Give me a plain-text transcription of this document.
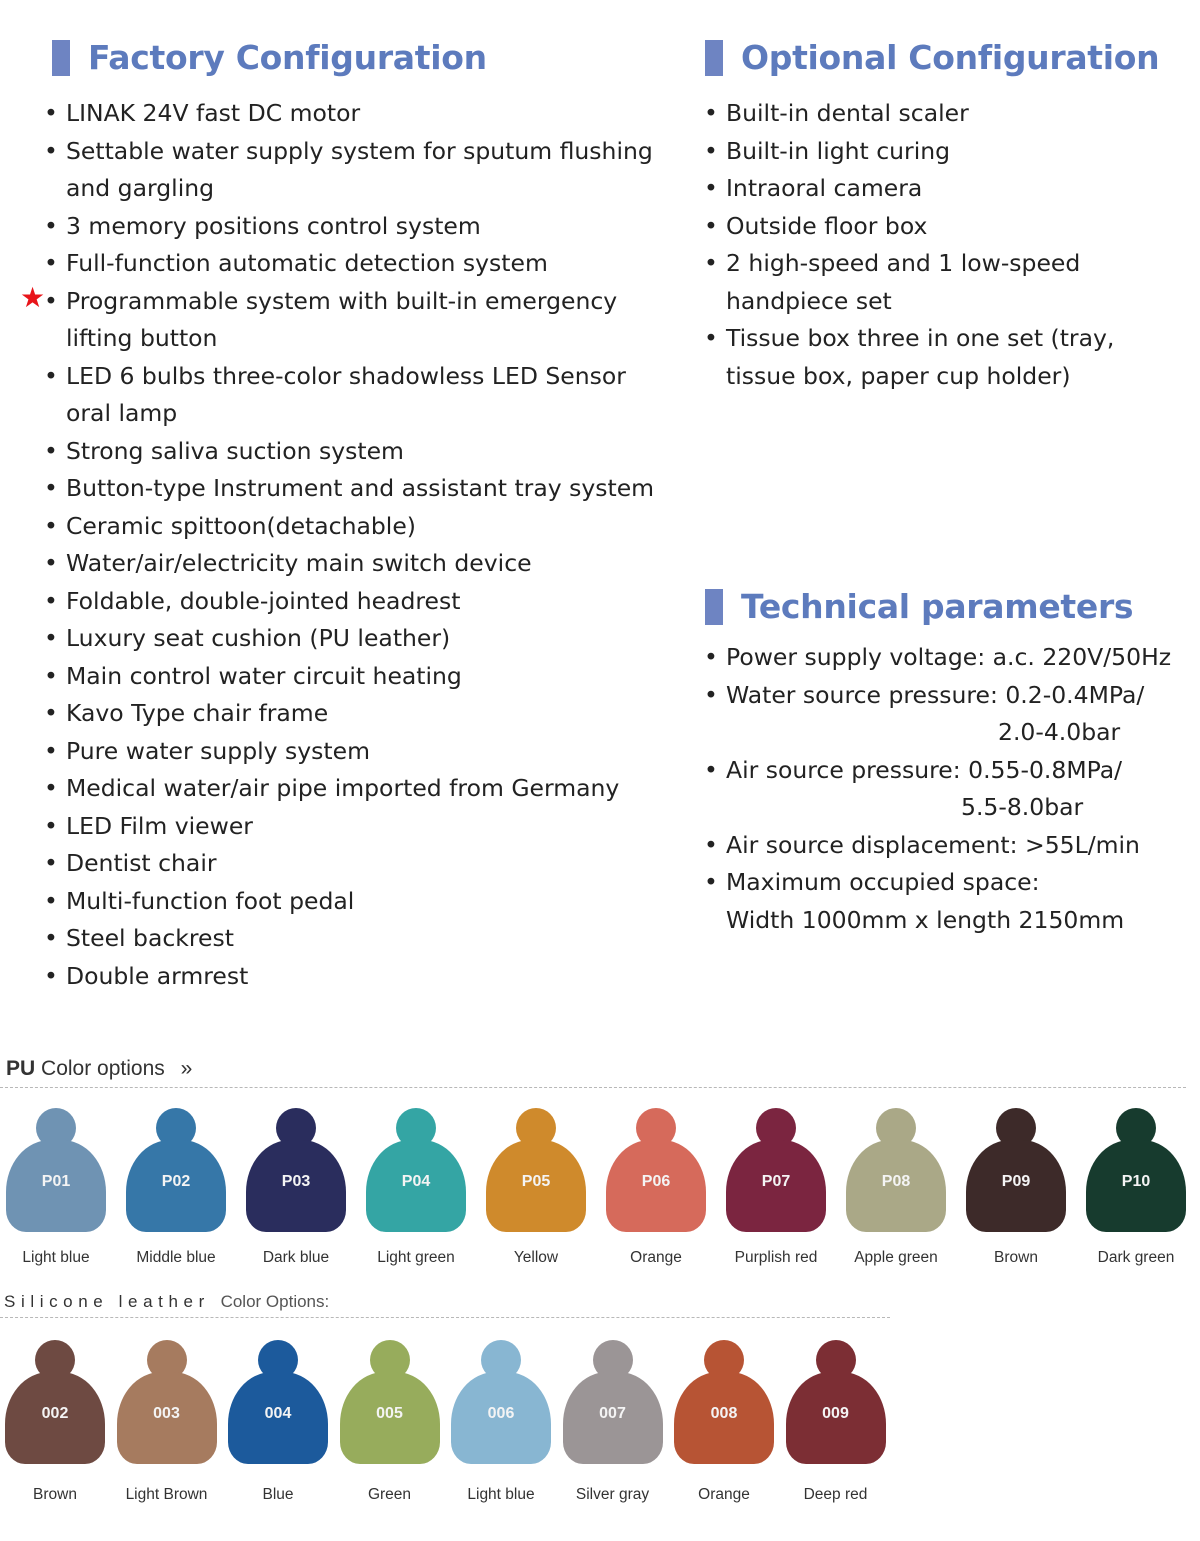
Factory Configuration
★
• LINAK 24V fast DC motor
• Settable water supply system for sputum flushing and gargling
• 3 memory positions control system
• Full-function automatic detection system
• Programmable system with built-in emergency lifting button
• LED 6 bulbs three-color shadowless LED Sensor oral lamp
• Strong saliva suction system
• Button-type Instrument and assistant tray system
• Ceramic spittoon(detachable)
• Water/air/electricity main switch device
• Foldable, double-jointed headrest
• Luxury seat cushion (PU leather)
• Main control water circuit heating
• Kavo Type chair frame
• Pure water supply system
• Medical water/air pipe imported from Germany
• LED Film viewer
• Dentist chair
• Multi-function foot pedal
• Steel backrest
• Double armrest
Optional Configuration
• Built-in dental scaler
• Built-in light curing
• Intraoral camera
• Outside floor box
• 2 high-speed and 1 low-speed handpiece set
• Tissue box three in one set (tray, tissue box, paper cup holder)
Technical parameters
• Power supply voltage: a.c. 220V/50Hz
• Water source pressure: 0.2-0.4MPa/
2.0-4.0bar
• Air source pressure: 0.55-0.8MPa/
5.5-8.0bar
• Air source displacement: >55L/min
• Maximum occupied space:
Width 1000mm x length 2150mm
PU Color options »
P01
Light blue
P02
Middle blue
P03
Dark blue
P04
Light green
P05
Yellow
P06
Orange
P07
Purplish red
P08
Apple green
P09
Brown
P10
Dark green
Silicone leather Color Options:
002
Brown
003
Light Brown
004
Blue
005
Green
006
Light blue
007
Silver gray
008
Orange
009
Deep red
